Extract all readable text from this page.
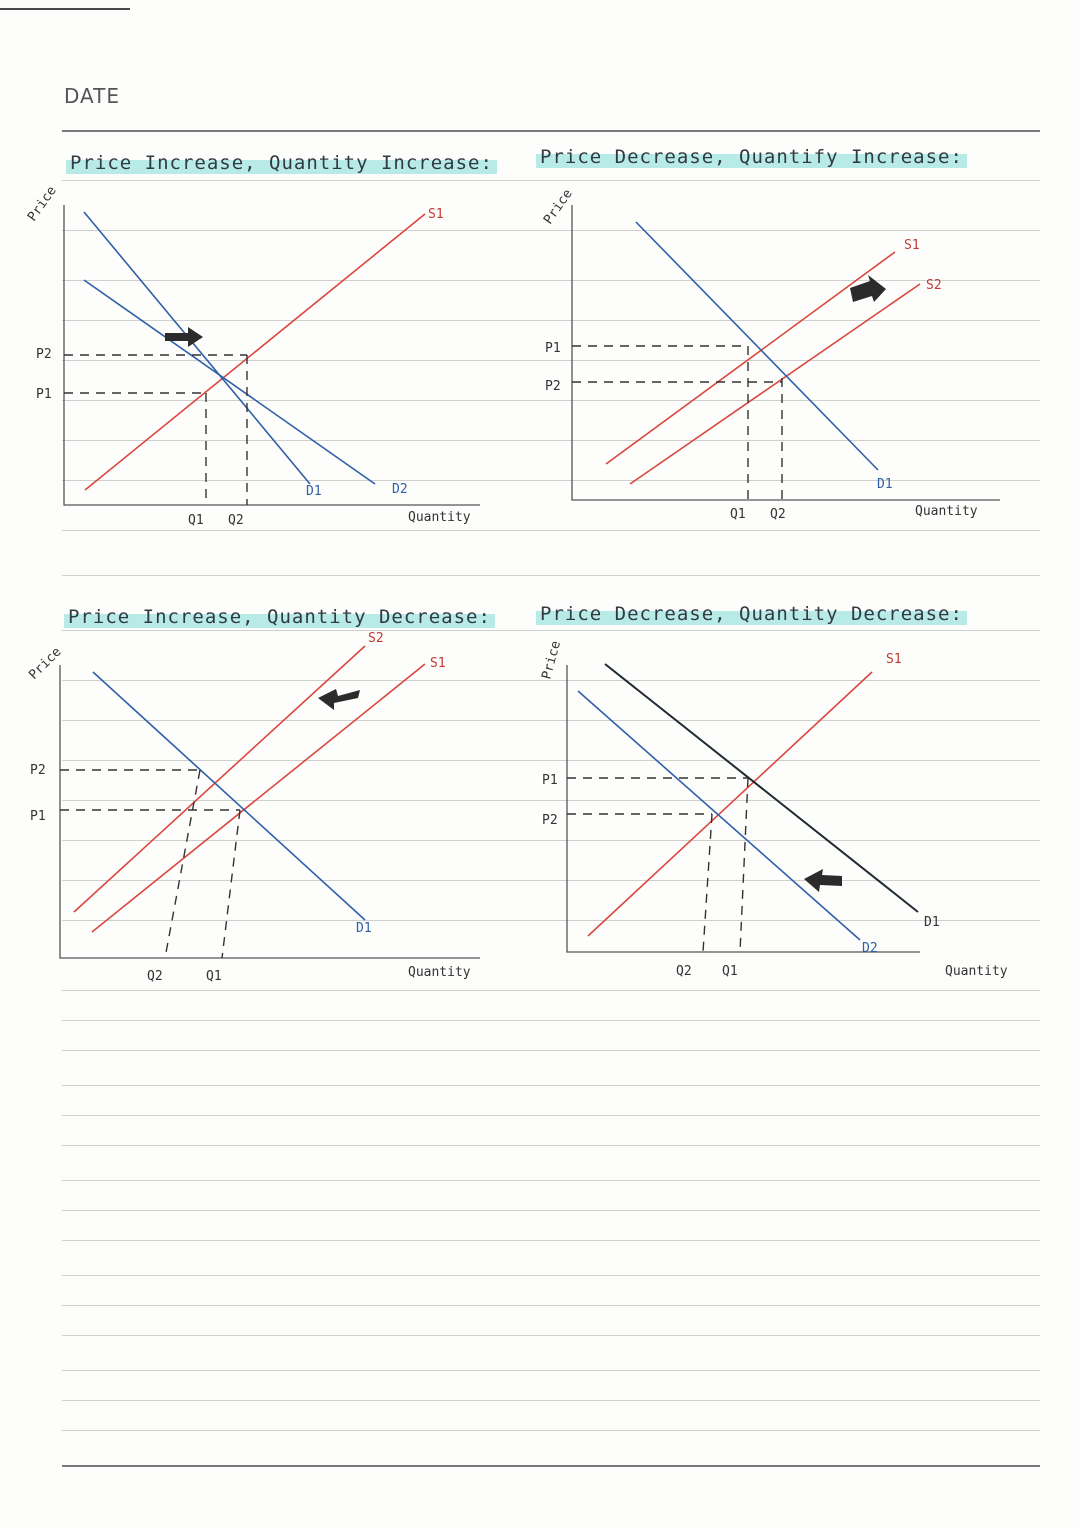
DATE
Price Increase, Quantity Increase: Price Decrease, Quantify Increase:
Price Increase, Quantity Decrease:	Price Decrease, Quantity Decrease:
Price
Quantity
P2
P1
Q1 Q2
S1
D1	D2
Price
Quantity
P1
P2
Q1 Q2
S1
S2
D1
Price
Quantity
P2
P1
Q2	Q1
S2
S1
D1
Price
Quantity
P1
P2
Q2 Q1
S1
D2
D1
